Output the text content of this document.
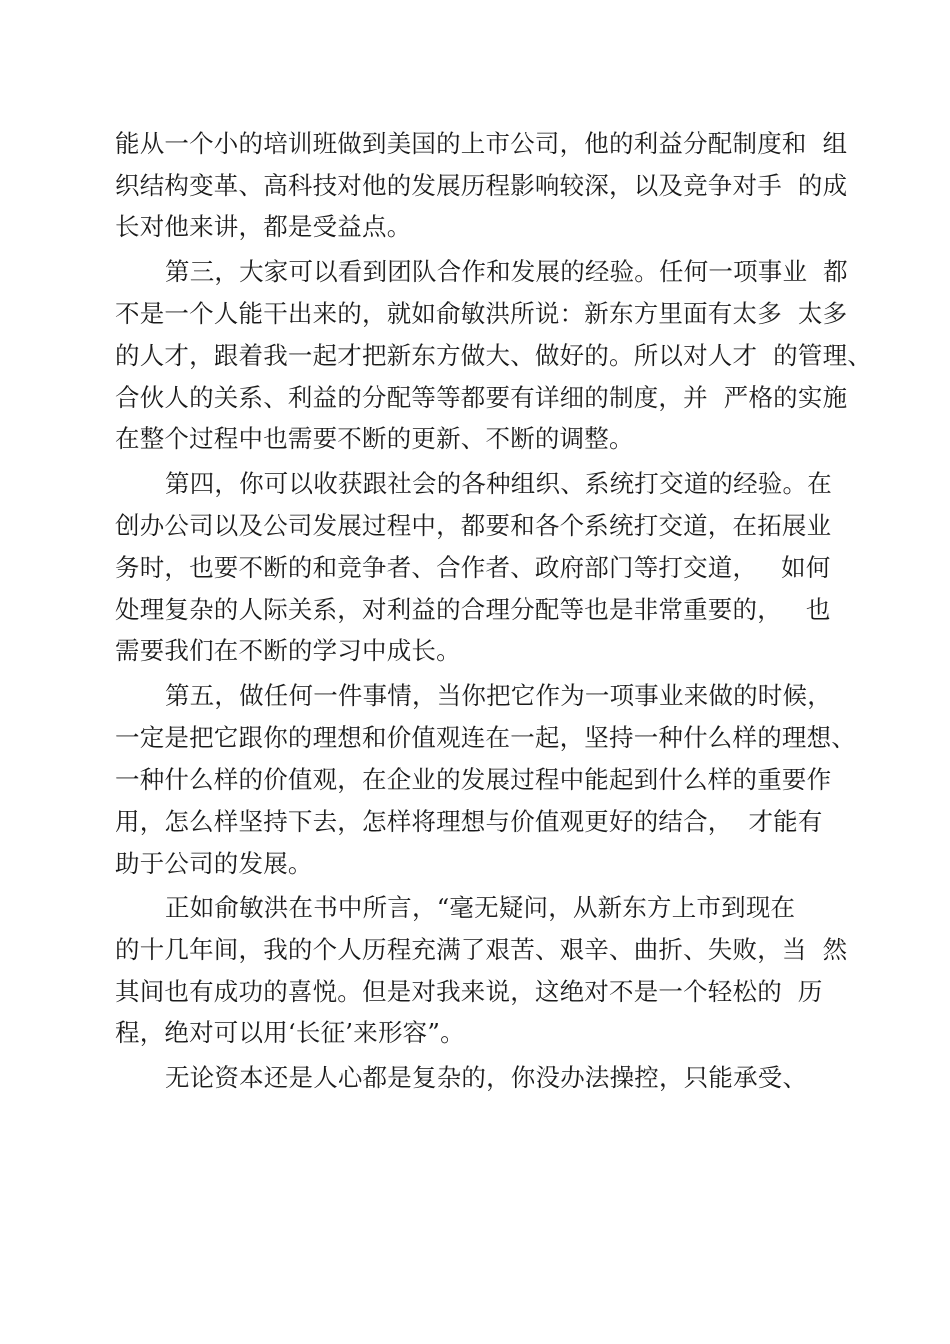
能从一个小的培训班做到美国的上市公司，他的利益分配制度和  组
织结构变革、高科技对他的发展历程影响较深，以及竞争对手  的成
长对他来讲，都是受益点。
第三，大家可以看到团队合作和发展的经验。任何一项事业  都
不是一个人能干出来的，就如俞敏洪所说：新东方里面有太多  太多
的人才，跟着我一起才把新东方做大、做好的。所以对人才  的管理、
合伙人的关系、利益的分配等等都要有详细的制度，并  严格的实施
在整个过程中也需要不断的更新、不断的调整。
第四，你可以收获跟社会的各种组织、系统打交道的经验。在
创办公司以及公司发展过程中，都要和各个系统打交道，在拓展业
务时，也要不断的和竞争者、合作者、政府部门等打交道，   如何
处理复杂的人际关系，对利益的合理分配等也是非常重要的，   也
需要我们在不断的学习中成长。
第五，做任何一件事情，当你把它作为一项事业来做的时候，
一定是把它跟你的理想和价值观连在一起，坚持一种什么样的理想、
一种什么样的价值观，在企业的发展过程中能起到什么样的重要作
用，怎么样坚持下去，怎样将理想与价值观更好的结合，  才能有
助于公司的发展。
正如俞敏洪在书中所言，“毫无疑问，从新东方上市到现在
的十几年间，我的个人历程充满了艰苦、艰辛、曲折、失败，当  然
其间也有成功的喜悦。但是对我来说，这绝对不是一个轻松的  历
程，绝对可以用‘长征’来形容”。
无论资本还是人心都是复杂的，你没办法操控，只能承受、
